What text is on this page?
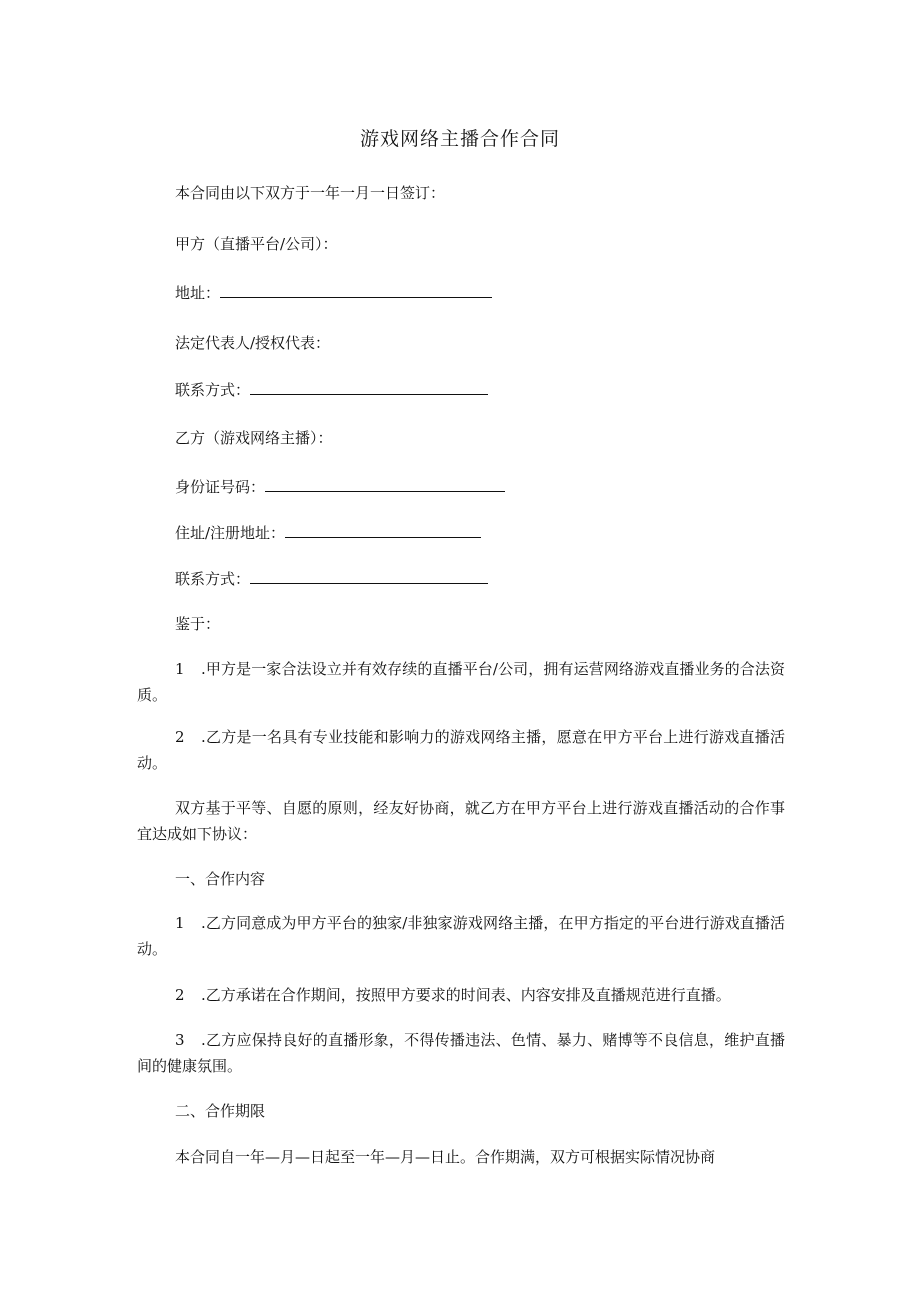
游戏网络主播合作合同
本合同由以下双方于一年一月一日签订：
甲方（直播平台/公司）：
地址：
法定代表人/授权代表：
联系方式：
乙方（游戏网络主播）：
身份证号码：
住址/注册地址：
联系方式：
鉴于：
1 .甲方是一家合法设立并有效存续的直播平台/公司，拥有运营网络游戏直播业务的合法资质。
2 .乙方是一名具有专业技能和影响力的游戏网络主播，愿意在甲方平台上进行游戏直播活动。
双方基于平等、自愿的原则，经友好协商，就乙方在甲方平台上进行游戏直播活动的合作事宜达成如下协议：
一、合作内容
1 .乙方同意成为甲方平台的独家/非独家游戏网络主播，在甲方指定的平台进行游戏直播活动。
2 .乙方承诺在合作期间，按照甲方要求的时间表、内容安排及直播规范进行直播。
3 .乙方应保持良好的直播形象，不得传播违法、色情、暴力、赌博等不良信息，维护直播间的健康氛围。
二、合作期限
本合同自一年—月—日起至一年—月—日止。合作期满，双方可根据实际情况协商
